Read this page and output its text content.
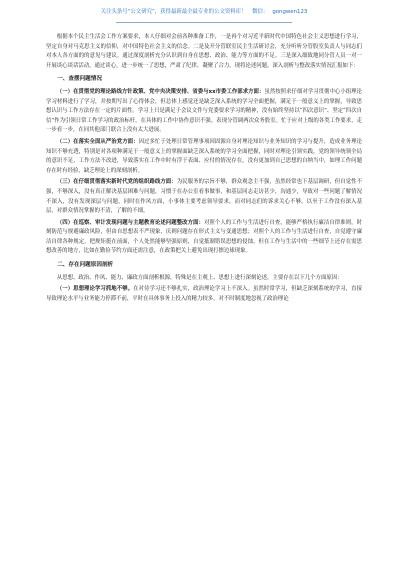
关注头条号“公文研究”，获得最新最全最专业的公文资料库！ 微信： gongwen123

根据本个民主生活会工作方案要求，本人仔细对会前各种准备工作，一是再个对习近平新时代中国特色社会主义思想进行学习，坚定自身对马克思主义的信仰，对中国特色社会主义的信念。二是及开分管联室民主生活研讨会，充分听听分管股室负责人与同志们对本人各方面的的意见与建议。通过深度剖析充分认识到自身在思想、政治、能力等方面的不足。三是深入细致地同分管人员一对一开展谈心谈话活动，通过谈心，进一步统一了思想，严肃了纪律，凝聚了合力。现将论述问题。深入剖析与整改落实情况汇报如下：

一、查摆问题情况

（一）在贯彻党的理论路线方针政策、党中央决策安排、省委与xx市委工作部求方面：虽然按照求仔细对学习贯彻中心小组理论学习材料进行了学习，并按期写出了心得体会，但总体上感觉还是缺乏深入系统的学习全面把握，满足于一般意义上的掌握，导致思想认识与工作方法存在一定的片面性。学习上只是满足于会议文件与党委要求学习的精神，没有始终坚持以“四次意识”、坚定“四次自信”作为引领日常工作学习的政治标杆，在具体的工作中协作意识不强。表现分管调两次众务股室。忙于应对上级的各类工作要求，走一步看一步，在同其他部门联合上没有太大进展。

（二）在落实全面从严治党方面：因过多忙于处理日常管理事项因固源自身对理论知识与业务知识的学习与提升，造成业务理论知识不够充透，特别是对各项种满足于一般意义上的掌握面缺乏深入系统的学习全面把握，同时对理论引领实践，党的领导统领全局的意识不足，工作方法不改进，导致落实在工作中时有浮于表面、应付的情况存在，没有更加到自己思想的自纳当中，如理工作问题存在时有经验，缺乏理论上的深刻剖析。

（三）在仔细贯彻落实新时代党的组织路线方面：为民服务的宗旨不够，群众观念主不强，虽然经常也下基层调研，但自觉性不强，不够深入，没有真正解决基层困难与问题，习惯于在办公室看事做事，和基层同志走访甚少，沟通少，导致对一些问题了解情况不深入，没有发现深层与问题，同时在作风方面，小事体主要考虑领导要求，而对同志们的诉求关心不够，以至于工作没有深入基层，对群众情况掌握的不清，了解的不细。

（四）在巡察、审计发现问题与主题教育论述问题整改方面：对照个人的工作与生活进行自查，能够严格执行廉洁自律准则，时刻防范与规避廉政风险，但由自思想表不严现象，庆则问题存在形式主义与变通思想；对照个人的工作与生活进行自查，自觉遵守廉洁自律各种规定，把规矩挺在前面，个人处然能够坚强原则，自觉抵制错误思想的侵蚀，但在工作与生活中的一些细节上还存在需思想改善的地方，比如在勤俭节约方面还需注意，在政策把关上避免出现打擦边球现象。

二、存在问题原因剖析

从思想、政治、作风、能力、廉政方面剖析根源，特殊是在主观上、思想上进行深刻论述，主要存在以下几个方面原因：

（一）思想理论学习抓地不够。在对待学习还不够扎实，政治理论学习上不深入。虽然时常学习，但缺乏深刻系统的学习，直接导致理论水平与业务能力停滞不前，平时在具体事务上投入的精力较多，对不时制度地忽视了政治理论
